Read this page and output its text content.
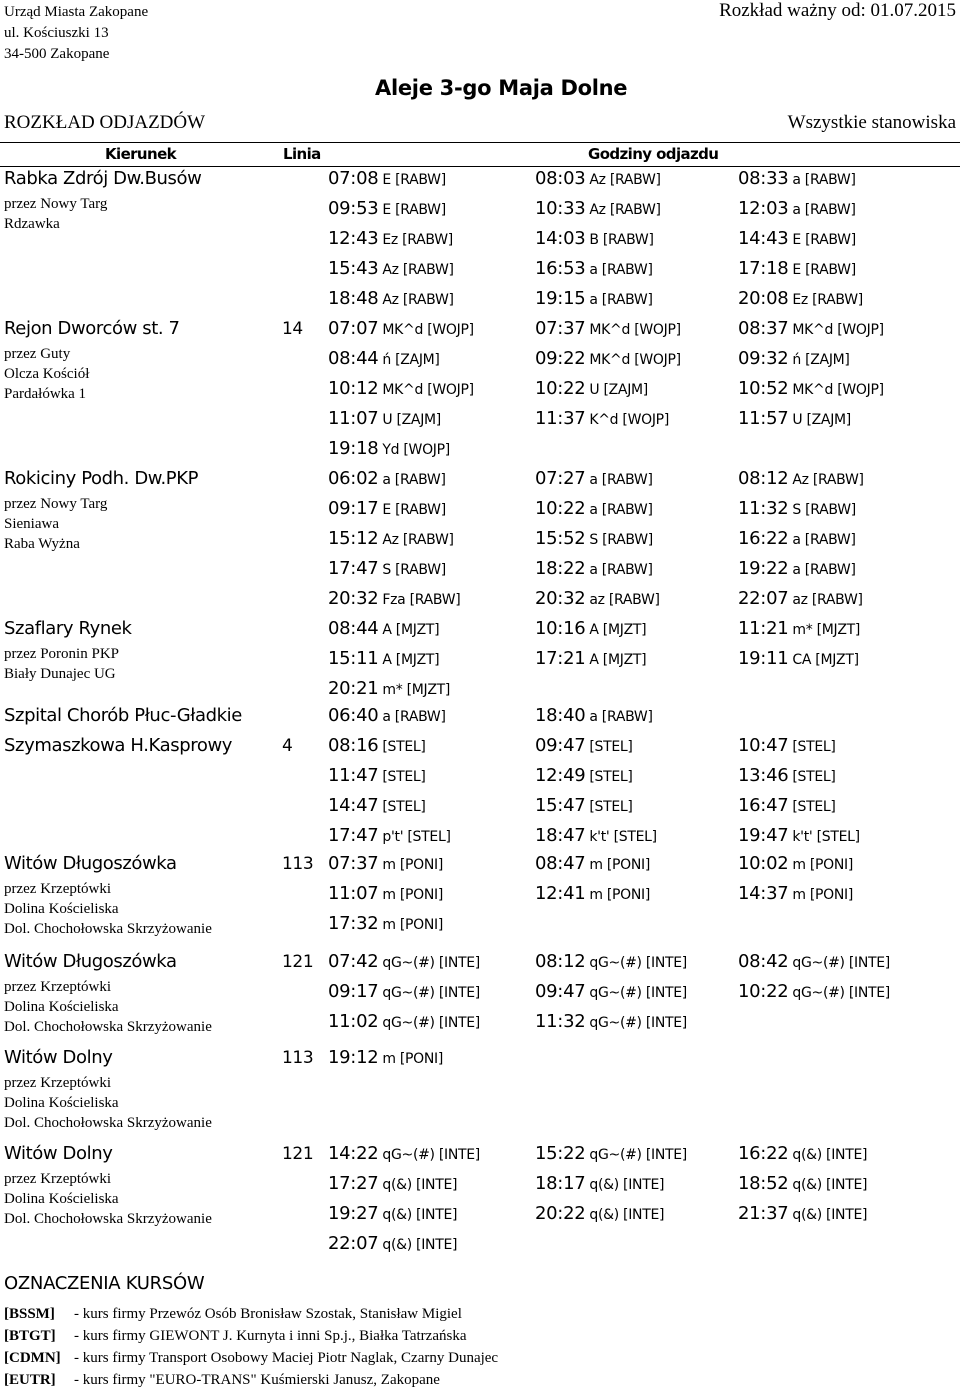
Urząd Miasta Zakopane
ul. Kościuszki 13
34-500 Zakopane
Rozkład ważny od: 01.07.2015
Aleje 3-go Maja Dolne
ROZKŁAD ODJAZDÓW	Wszystkie stanowiska
Kierunek	Linia	Godziny odjazdu
Rabka Zdrój Dw.Busów
przez Nowy Targ
Rdzawka
07:08 E [RABW]	08:03 Az [RABW]	08:33 a [RABW]
09:53 E [RABW]	10:33 Az [RABW]	12:03 a [RABW]
12:43 Ez [RABW]	14:03 B [RABW]	14:43 E [RABW]
15:43 Az [RABW]	16:53 a [RABW]	17:18 E [RABW]
18:48 Az [RABW]	19:15 a [RABW]	20:08 Ez [RABW]
Rejon Dworców st. 7
przez Guty
Olcza Kościół
Pardałówka 1
14 07:07 MK^d [WOJP]	07:37 MK^d [WOJP]	08:37 MK^d [WOJP]
08:44 ń [ZAJM]	09:22 MK^d [WOJP]	09:32 ń [ZAJM]
10:12 MK^d [WOJP]	10:22 U [ZAJM]	10:52 MK^d [WOJP]
11:07 U [ZAJM]	11:37 K^d [WOJP]	11:57 U [ZAJM]
19:18 Yd [WOJP]
Rokiciny Podh. Dw.PKP
przez Nowy Targ
Sieniawa
Raba Wyżna
06:02 a [RABW]	07:27 a [RABW]	08:12 Az [RABW]
09:17 E [RABW]	10:22 a [RABW]	11:32 S [RABW]
15:12 Az [RABW]	15:52 S [RABW]	16:22 a [RABW]
17:47 S [RABW]	18:22 a [RABW]	19:22 a [RABW]
20:32 Fza [RABW]	20:32 az [RABW]	22:07 az [RABW]
Szaflary Rynek
przez Poronin PKP
Biały Dunajec UG
08:44 A [MJZT]	10:16 A [MJZT]	11:21 m* [MJZT]
15:11 A [MJZT]	17:21 A [MJZT]	19:11 CA [MJZT]
20:21 m* [MJZT]
Szpital Chorób Płuc-Gładkie	06:40 a [RABW]	18:40 a [RABW]
Szymaszkowa H.Kasprowy	4 08:16 [STEL]	09:47 [STEL]	10:47 [STEL]
11:47 [STEL]	12:49 [STEL]	13:46 [STEL]
14:47 [STEL]	15:47 [STEL]	16:47 [STEL]
17:47 p't' [STEL]	18:47 k't' [STEL]	19:47 k't' [STEL]
Witów Długoszówka
przez Krzeptówki
Dolina Kościeliska
Dol. Chochołowska Skrzyżowanie
113 07:37 m [PONI]	08:47 m [PONI]	10:02 m [PONI]
11:07 m [PONI]	12:41 m [PONI]	14:37 m [PONI]
17:32 m [PONI]
Witów Długoszówka
przez Krzeptówki
Dolina Kościeliska
Dol. Chochołowska Skrzyżowanie
121 07:42 qG~(#) [INTE]	08:12 qG~(#) [INTE]	08:42 qG~(#) [INTE]
09:17 qG~(#) [INTE]	09:47 qG~(#) [INTE]	10:22 qG~(#) [INTE]
11:02 qG~(#) [INTE]	11:32 qG~(#) [INTE]
Witów Dolny
przez Krzeptówki
Dolina Kościeliska
Dol. Chochołowska Skrzyżowanie
113 19:12 m [PONI]
Witów Dolny
przez Krzeptówki
Dolina Kościeliska
Dol. Chochołowska Skrzyżowanie
121 14:22 qG~(#) [INTE]	15:22 qG~(#) [INTE]	16:22 q(&) [INTE]
17:27 q(&) [INTE]	18:17 q(&) [INTE]	18:52 q(&) [INTE]
19:27 q(&) [INTE]	20:22 q(&) [INTE]	21:37 q(&) [INTE]
22:07 q(&) [INTE]
OZNACZENIA KURSÓW
[BSSM] - kurs firmy Przewóz Osób Bronisław Szostak, Stanisław Migiel
[BTGT] - kurs firmy GIEWONT J. Kurnyta i inni Sp.j., Białka Tatrzańska
[CDMN] - kurs firmy Transport Osobowy Maciej Piotr Naglak, Czarny Dunajec
[EUTR] - kurs firmy "EURO-TRANS" Kuśmierski Janusz, Zakopane
